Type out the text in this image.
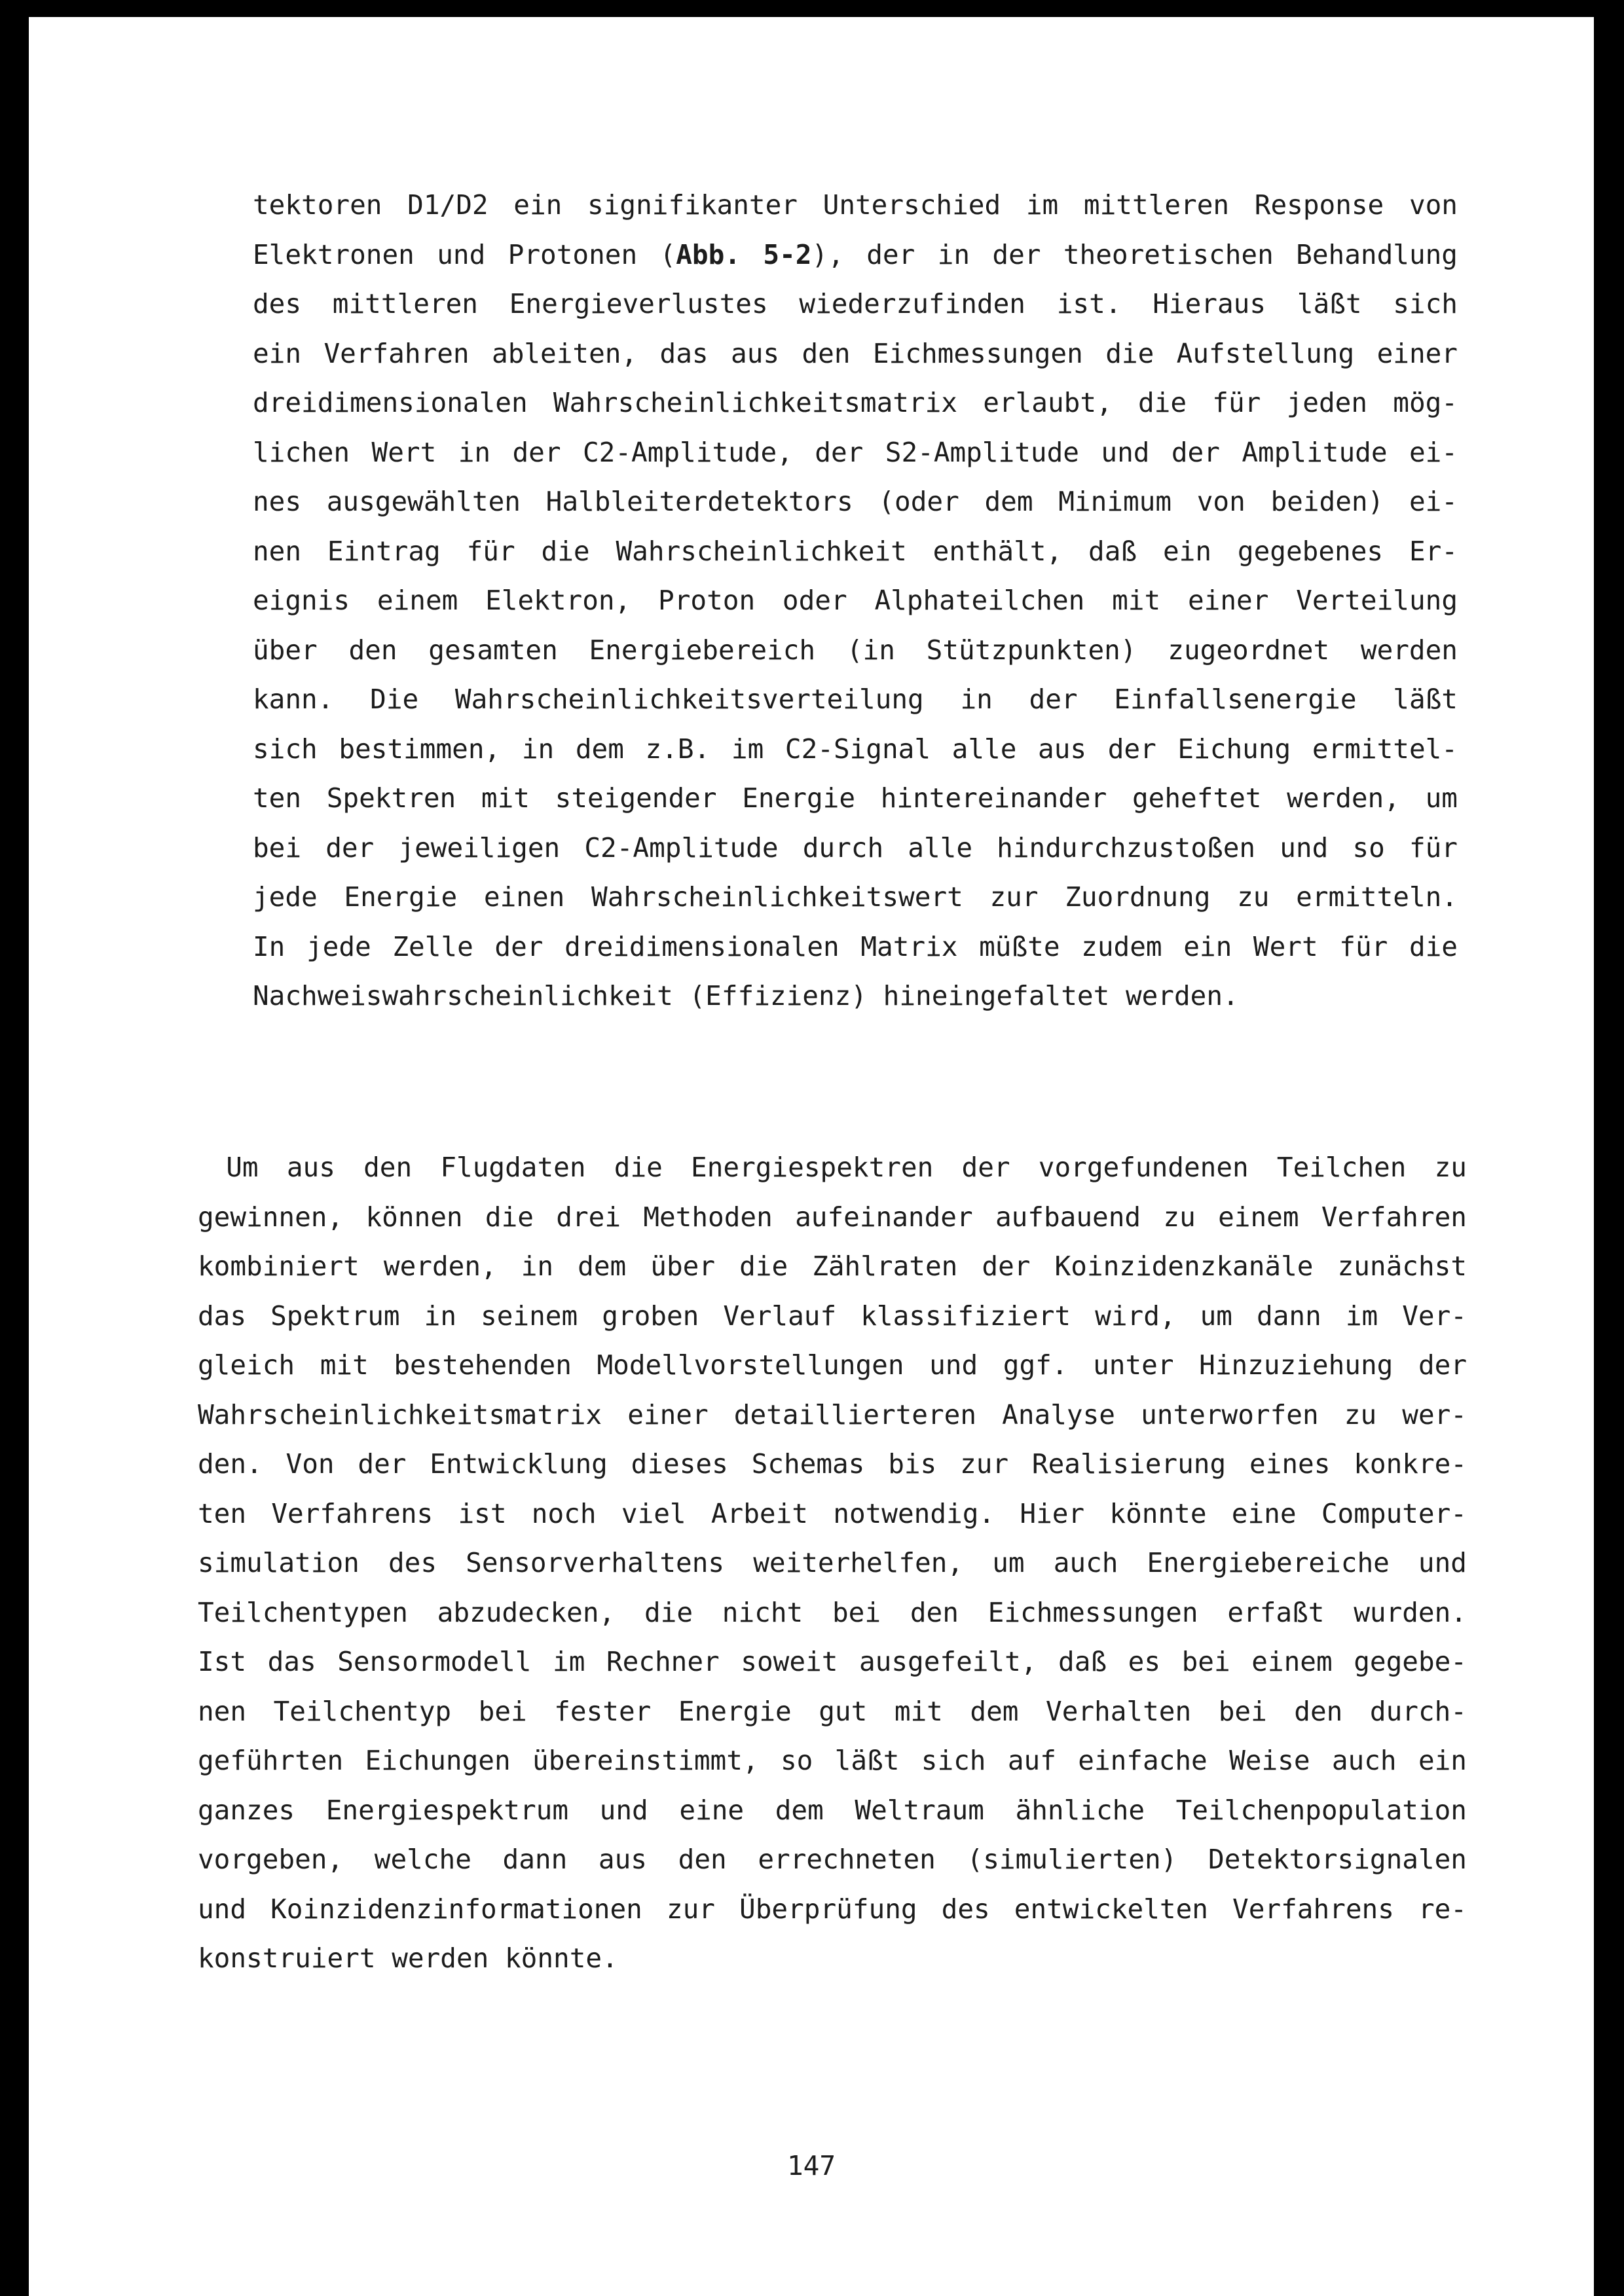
tektoren D1/D2 ein signifikanter Unterschied im mittleren Response von
Elektronen und Protonen (Abb. 5-2), der in der theoretischen Behandlung
des mittleren Energieverlustes wiederzufinden ist. Hieraus läßt sich
ein Verfahren ableiten, das aus den Eichmessungen die Aufstellung einer
dreidimensionalen Wahrscheinlichkeitsmatrix erlaubt, die für jeden mög-
lichen Wert in der C2-Amplitude, der S2-Amplitude und der Amplitude ei-
nes ausgewählten Halbleiterdetektors (oder dem Minimum von beiden) ei-
nen Eintrag für die Wahrscheinlichkeit enthält, daß ein gegebenes Er-
eignis einem Elektron, Proton oder Alphateilchen mit einer Verteilung
über den gesamten Energiebereich (in Stützpunkten) zugeordnet werden
kann. Die Wahrscheinlichkeitsverteilung in der Einfallsenergie läßt
sich bestimmen, in dem z.B. im C2-Signal alle aus der Eichung ermittel-
ten Spektren mit steigender Energie hintereinander geheftet werden, um
bei der jeweiligen C2-Amplitude durch alle hindurchzustoßen und so für
jede Energie einen Wahrscheinlichkeitswert zur Zuordnung zu ermitteln.
In jede Zelle der dreidimensionalen Matrix müßte zudem ein Wert für die
Nachweiswahrscheinlichkeit (Effizienz) hineingefaltet werden.
Um aus den Flugdaten die Energiespektren der vorgefundenen Teilchen zu
gewinnen, können die drei Methoden aufeinander aufbauend zu einem Verfahren
kombiniert werden, in dem über die Zählraten der Koinzidenzkanäle zunächst
das Spektrum in seinem groben Verlauf klassifiziert wird, um dann im Ver-
gleich mit bestehenden Modellvorstellungen und ggf. unter Hinzuziehung der
Wahrscheinlichkeitsmatrix einer detaillierteren Analyse unterworfen zu wer-
den. Von der Entwicklung dieses Schemas bis zur Realisierung eines konkre-
ten Verfahrens ist noch viel Arbeit notwendig. Hier könnte eine Computer-
simulation des Sensorverhaltens weiterhelfen, um auch Energiebereiche und
Teilchentypen abzudecken, die nicht bei den Eichmessungen erfaßt wurden.
Ist das Sensormodell im Rechner soweit ausgefeilt, daß es bei einem gegebe-
nen Teilchentyp bei fester Energie gut mit dem Verhalten bei den durch-
geführten Eichungen übereinstimmt, so läßt sich auf einfache Weise auch ein
ganzes Energiespektrum und eine dem Weltraum ähnliche Teilchenpopulation
vorgeben, welche dann aus den errechneten (simulierten) Detektorsignalen
und Koinzidenzinformationen zur Überprüfung des entwickelten Verfahrens re-
konstruiert werden könnte.
147
